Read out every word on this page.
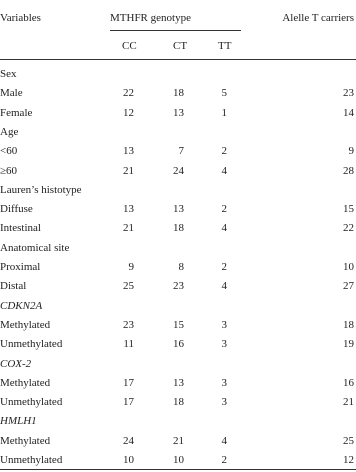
Variables	MTHFR genotype	Alelle T carriers
CC	CT	TT
Sex
Male	22	18	5	23
Female	12	13	1	14
Age
<60	13	7	2	9
≥60	21	24	4	28
Lauren’s histotype
Diffuse	13	13	2	15
Intestinal	21	18	4	22
Anatomical site
Proximal	9	8	2	10
Distal	25	23	4	27
CDKN2A
Methylated	23	15	3	18
Unmethylated	11	16	3	19
COX-2
Methylated	17	13	3	16
Unmethylated	17	18	3	21
HMLH1
Methylated	24	21	4	25
Unmethylated	10	10	2	12
